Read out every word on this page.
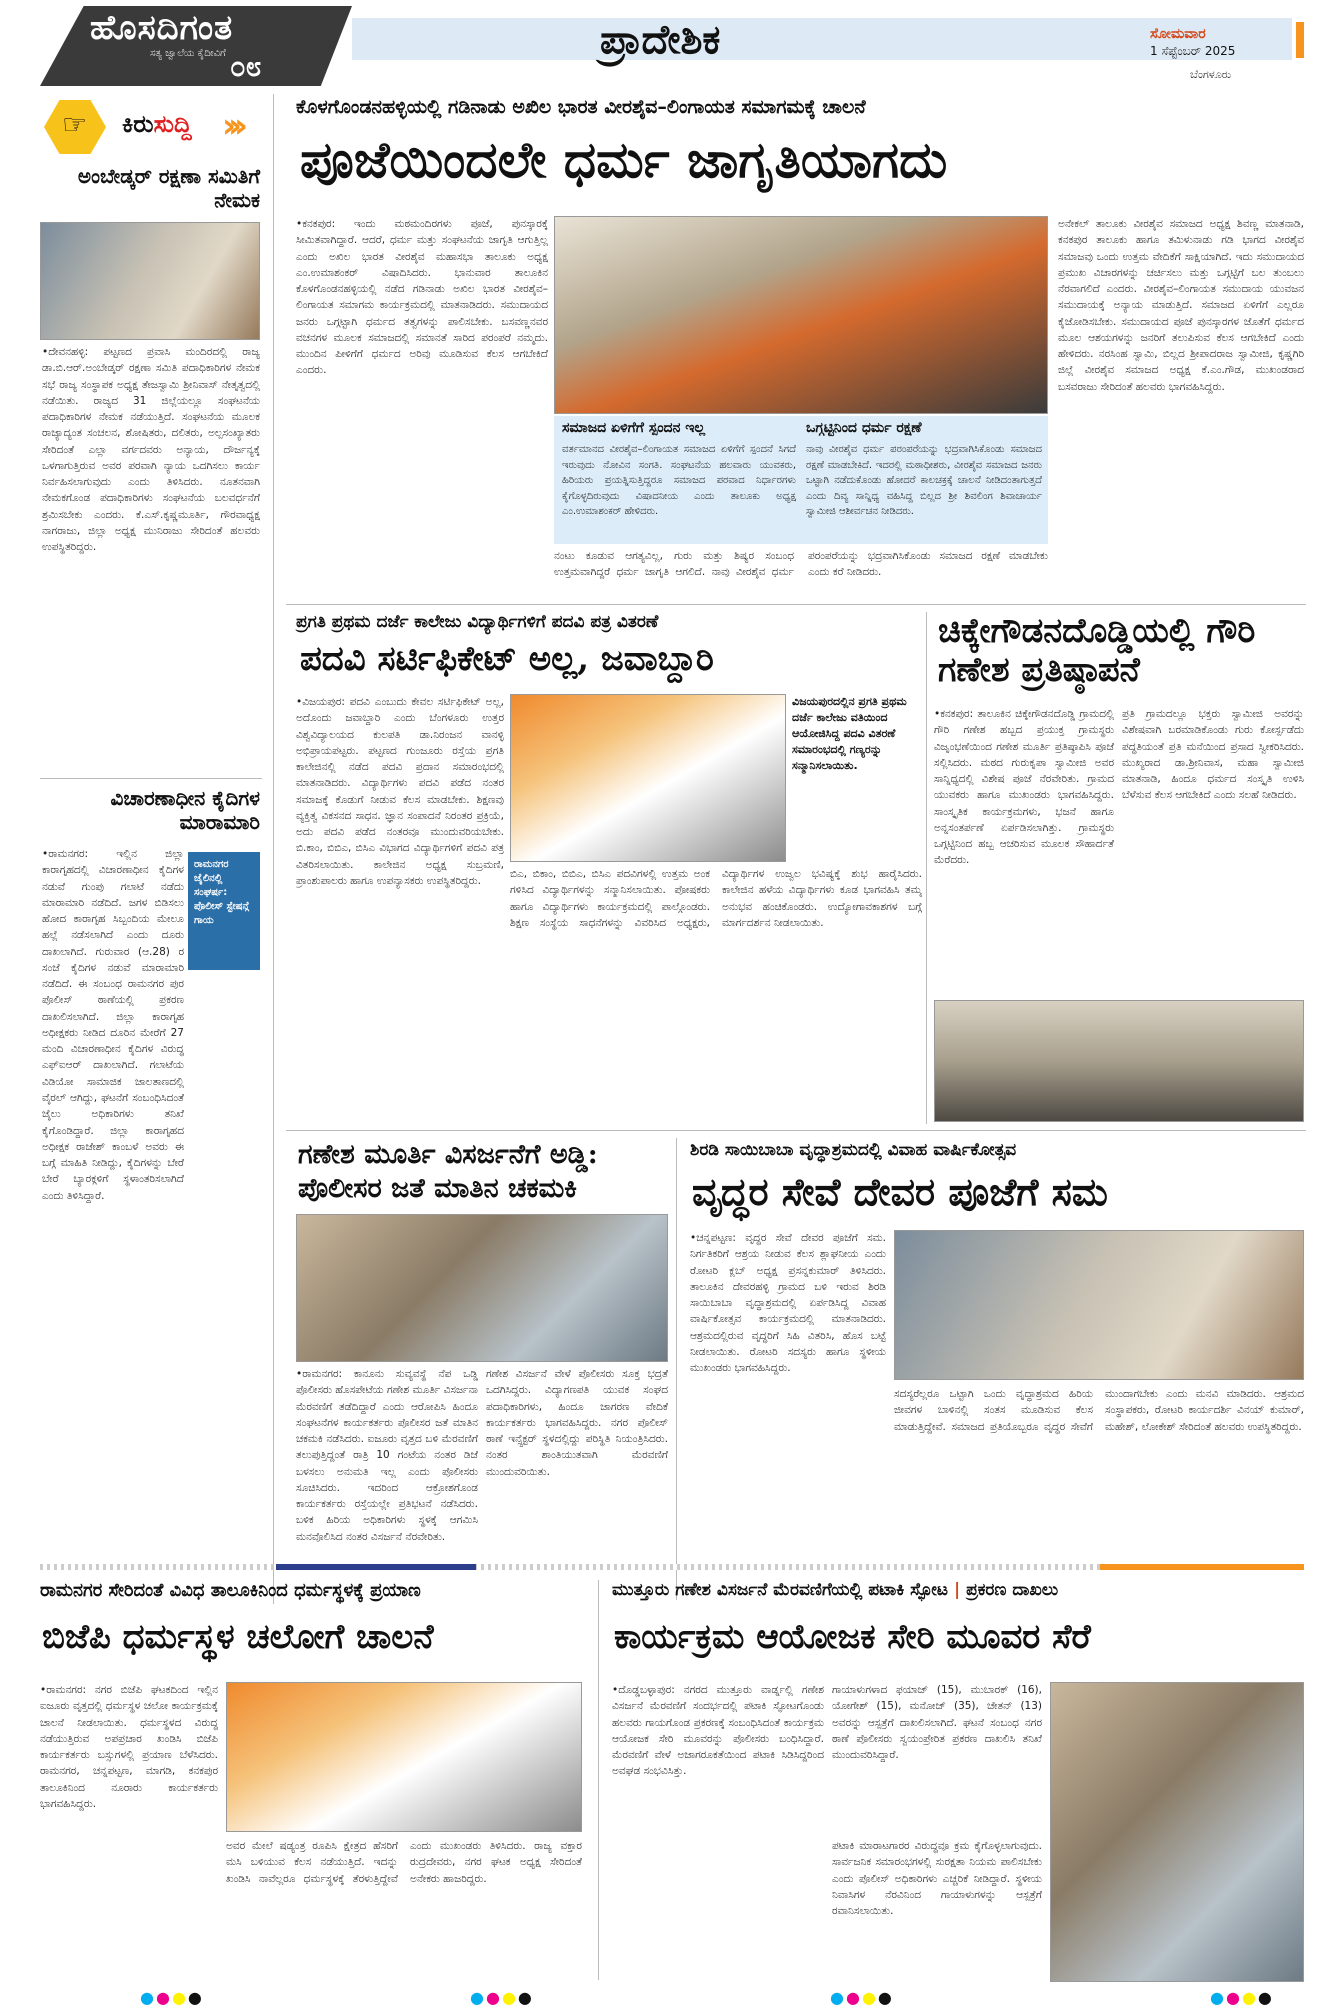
ಹೊಸದಿಗಂತ
ಸತ್ಯ ಜ್ವಾಲೆಯ ಕೈದೀವಿಗೆ ೦೮
ಪ್ರಾದೇಶಿಕ	ಸೋಮವಾರ
1 ಸೆಪ್ಟೆಂಬರ್ 2025
ಬೆಂಗಳೂರು
☞ ಕಿರುಸುದ್ದಿ ›››
ಅಂಬೇಡ್ಕರ್ ರಕ್ಷಣಾ ಸಮಿತಿಗೆ ನೇಮಕ
•ದೇವನಹಳ್ಳಿ: ಪಟ್ಟಣದ ಪ್ರವಾಸಿ ಮಂದಿರದಲ್ಲಿ ರಾಜ್ಯ ಡಾ.ಬಿ.ಆರ್.ಅಂಬೇಡ್ಕರ್ ರಕ್ಷಣಾ ಸಮಿತಿ ಪದಾಧಿಕಾರಿಗಳ ನೇಮಕ ಸಭೆ ರಾಜ್ಯ ಸಂಸ್ಥಾಪಕ ಅಧ್ಯಕ್ಷ ತೇಜಸ್ವಾಮಿ ಶ್ರೀನಿವಾಸ್ ನೇತೃತ್ವದಲ್ಲಿ ನಡೆಯಿತು. ರಾಜ್ಯದ 31 ಜಿಲ್ಲೆಯಲ್ಲೂ ಸಂಘಟನೆಯ ಪದಾಧಿಕಾರಿಗಳ ನೇಮಕ ನಡೆಯುತ್ತಿದೆ. ಸಂಘಟನೆಯ ಮೂಲಕ ರಾಜ್ಯಾದ್ಯಂತ ಸಂಚಲನ, ಶೋಷಿತರು, ದಲಿತರು, ಅಲ್ಪಸಂಖ್ಯಾತರು ಸೇರಿದಂತೆ ಎಲ್ಲಾ ವರ್ಗದವರು ಅನ್ಯಾಯ, ದೌರ್ಜನ್ಯಕ್ಕೆ ಒಳಗಾಗುತ್ತಿರುವ ಅವರ ಪರವಾಗಿ ನ್ಯಾಯ ಒದಗಿಸಲು ಕಾರ್ಯ ನಿರ್ವಹಿಸಲಾಗುವುದು ಎಂದು ತಿಳಿಸಿದರು. ನೂತನವಾಗಿ ನೇಮಕಗೊಂಡ ಪದಾಧಿಕಾರಿಗಳು ಸಂಘಟನೆಯ ಬಲವರ್ಧನೆಗೆ ಶ್ರಮಿಸಬೇಕು ಎಂದರು. ಕೆ.ಎಸ್.ಕೃಷ್ಣಮೂರ್ತಿ, ಗೌರವಾಧ್ಯಕ್ಷ ನಾಗರಾಜು, ಜಿಲ್ಲಾ ಅಧ್ಯಕ್ಷ ಮುನಿರಾಜು ಸೇರಿದಂತೆ ಹಲವರು ಉಪಸ್ಥಿತರಿದ್ದರು.
ವಿಚಾರಣಾಧೀನ ಕೈದಿಗಳ ಮಾರಾಮಾರಿ
ರಾಮನಗರ ಜೈಲಿನಲ್ಲಿ ಸಂಘರ್ಷ: ಪೊಲೀಸ್ ಸ್ಟೇಷನ್ಗೆ ಗಾಯ
•ರಾಮನಗರ: ಇಲ್ಲಿನ ಜಿಲ್ಲಾ ಕಾರಾಗೃಹದಲ್ಲಿ ವಿಚಾರಣಾಧೀನ ಕೈದಿಗಳ ನಡುವೆ ಗುಂಪು ಗಲಾಟೆ ನಡೆದು ಮಾರಾಮಾರಿ ನಡೆದಿದೆ. ಜಗಳ ಬಿಡಿಸಲು ಹೋದ ಕಾರಾಗೃಹ ಸಿಬ್ಬಂದಿಯ ಮೇಲೂ ಹಲ್ಲೆ ನಡೆಸಲಾಗಿದೆ ಎಂದು ದೂರು ದಾಖಲಾಗಿದೆ. ಗುರುವಾರ (ಆ.28) ರ ಸಂಜೆ ಕೈದಿಗಳ ನಡುವೆ ಮಾರಾಮಾರಿ ನಡೆದಿದೆ. ಈ ಸಂಬಂಧ ರಾಮನಗರ ಪುರ ಪೊಲೀಸ್ ಠಾಣೆಯಲ್ಲಿ ಪ್ರಕರಣ ದಾಖಲಿಸಲಾಗಿದೆ. ಜಿಲ್ಲಾ ಕಾರಾಗೃಹ ಅಧೀಕ್ಷಕರು ನೀಡಿದ ದೂರಿನ ಮೇರೆಗೆ 27 ಮಂದಿ ವಿಚಾರಣಾಧೀನ ಕೈದಿಗಳ ವಿರುದ್ಧ ಎಫ್ಐಆರ್ ದಾಖಲಾಗಿದೆ. ಗಲಾಟೆಯ ವಿಡಿಯೋ ಸಾಮಾಜಿಕ ಜಾಲತಾಣದಲ್ಲಿ ವೈರಲ್ ಆಗಿದ್ದು, ಘಟನೆಗೆ ಸಂಬಂಧಿಸಿದಂತೆ ಜೈಲು ಅಧಿಕಾರಿಗಳು ತನಿಖೆ ಕೈಗೊಂಡಿದ್ದಾರೆ. ಜಿಲ್ಲಾ ಕಾರಾಗೃಹದ ಅಧೀಕ್ಷಕ ರಾಜೇಶ್ ಕಾಂಬಳೆ ಅವರು ಈ ಬಗ್ಗೆ ಮಾಹಿತಿ ನೀಡಿದ್ದು, ಕೈದಿಗಳನ್ನು ಬೇರೆ ಬೇರೆ ಬ್ಯಾರಕ್ಗಳಿಗೆ ಸ್ಥಳಾಂತರಿಸಲಾಗಿದೆ ಎಂದು ತಿಳಿಸಿದ್ದಾರೆ.
ಕೊಳಗೊಂಡನಹಳ್ಳಿಯಲ್ಲಿ ಗಡಿನಾಡು ಅಖಿಲ ಭಾರತ ವೀರಶೈವ–ಲಿಂಗಾಯತ ಸಮಾಗಮಕ್ಕೆ ಚಾಲನೆ
ಪೂಜೆಯಿಂದಲೇ ಧರ್ಮ ಜಾಗೃತಿಯಾಗದು
•ಕನಕಪುರ: ಇಂದು ಮಠಮಂದಿರಗಳು ಪೂಜೆ, ಪುನಸ್ಕಾರಕ್ಕೆ ಸೀಮಿತವಾಗಿದ್ದಾರೆ. ಆದರೆ, ಧರ್ಮ ಮತ್ತು ಸಂಘಟನೆಯ ಜಾಗೃತಿ ಆಗುತ್ತಿಲ್ಲ ಎಂದು ಅಖಿಲ ಭಾರತ ವೀರಶೈವ ಮಹಾಸಭಾ ತಾಲೂಕು ಅಧ್ಯಕ್ಷ ಎಂ.ಉಮಾಶಂಕರ್ ವಿಷಾದಿಸಿದರು. ಭಾನುವಾರ ತಾಲೂಕಿನ ಕೊಳಗೊಂಡನಹಳ್ಳಿಯಲ್ಲಿ ನಡೆದ ಗಡಿನಾಡು ಅಖಿಲ ಭಾರತ ವೀರಶೈವ–ಲಿಂಗಾಯತ ಸಮಾಗಮ ಕಾರ್ಯಕ್ರಮದಲ್ಲಿ ಮಾತನಾಡಿದರು. ಸಮುದಾಯದ ಜನರು ಒಗ್ಗಟ್ಟಾಗಿ ಧರ್ಮದ ತತ್ವಗಳನ್ನು ಪಾಲಿಸಬೇಕು. ಬಸವಣ್ಣನವರ ವಚನಗಳ ಮೂಲಕ ಸಮಾಜದಲ್ಲಿ ಸಮಾನತೆ ಸಾರಿದ ಪರಂಪರೆ ನಮ್ಮದು. ಮುಂದಿನ ಪೀಳಿಗೆಗೆ ಧರ್ಮದ ಅರಿವು ಮೂಡಿಸುವ ಕೆಲಸ ಆಗಬೇಕಿದೆ ಎಂದರು.
ಸಮಾಜದ ಏಳಿಗೆಗೆ ಸ್ಪಂದನ ಇಲ್ಲ
ವರ್ತಮಾನದ ವೀರಶೈವ–ಲಿಂಗಾಯತ ಸಮಾಜದ ಏಳಿಗೆಗೆ ಸ್ಪಂದನೆ ಸಿಗದೆ ಇರುವುದು ನೋವಿನ ಸಂಗತಿ. ಸಂಘಟನೆಯ ಹಲವಾರು ಯುವಕರು, ಹಿರಿಯರು ಪ್ರಯತ್ನಿಸುತ್ತಿದ್ದರೂ ಸಮಾಜದ ಪರವಾದ ನಿರ್ಧಾರಗಳು ಕೈಗೊಳ್ಳದಿರುವುದು ವಿಷಾದನೀಯ ಎಂದು ತಾಲೂಕು ಅಧ್ಯಕ್ಷ ಎಂ.ಉಮಾಶಂಕರ್ ಹೇಳಿದರು.
ಒಗ್ಗಟ್ಟಿನಿಂದ ಧರ್ಮ ರಕ್ಷಣೆ
ನಾವು ವೀರಶೈವ ಧರ್ಮ ಪರಂಪರೆಯನ್ನು ಭದ್ರವಾಗಿಸಿಕೊಂಡು ಸಮಾಜದ ರಕ್ಷಣೆ ಮಾಡಬೇಕಿದೆ. ಇದರಲ್ಲಿ ಮಠಾಧೀಶರು, ವೀರಶೈವ ಸಮಾಜದ ಜನರು ಒಟ್ಟಾಗಿ ನಡೆದುಕೊಂಡು ಹೋದರೆ ಕಾಲಚಕ್ರಕ್ಕೆ ಚಾಲನೆ ನೀಡಿದಂತಾಗುತ್ತದೆ ಎಂದು ದಿವ್ಯ ಸಾನ್ನಿಧ್ಯ ವಹಿಸಿದ್ದ ಬಿಲ್ಲದ ಶ್ರೀ ಶಿವಲಿಂಗ ಶಿವಾಚಾರ್ಯ ಸ್ವಾಮೀಜಿ ಆಶೀರ್ವಚನ ನೀಡಿದರು.
ನಂಟು ಕೂಡುವ ಆಗತ್ಯವಿಲ್ಲ, ಗುರು ಮತ್ತು ಶಿಷ್ಯರ ಸಂಬಂಧ ಉತ್ತಮವಾಗಿದ್ದರೆ ಧರ್ಮ ಜಾಗೃತಿ ಆಗಲಿದೆ. ನಾವು ವೀರಶೈವ ಧರ್ಮ ಪರಂಪರೆಯನ್ನು ಭದ್ರವಾಗಿಸಿಕೊಂಡು ಸಮಾಜದ ರಕ್ಷಣೆ ಮಾಡಬೇಕು ಎಂದು ಕರೆ ನೀಡಿದರು.
ಅನೇಕಲ್ ತಾಲೂಕು ವೀರಶೈವ ಸಮಾಜದ ಅಧ್ಯಕ್ಷ ಶಿವಣ್ಣ ಮಾತನಾಡಿ, ಕನಕಪುರ ತಾಲೂಕು ಹಾಗೂ ತಮಿಳುನಾಡು ಗಡಿ ಭಾಗದ ವೀರಶೈವ ಸಮಾಜವು ಒಂದು ಉತ್ತಮ ವೇದಿಕೆಗೆ ಸಾಕ್ಷಿಯಾಗಿದೆ. ಇದು ಸಮುದಾಯದ ಪ್ರಮುಖ ವಿಚಾರಗಳನ್ನು ಚರ್ಚಿಸಲು ಮತ್ತು ಒಗ್ಗಟ್ಟಿಗೆ ಬಲ ತುಂಬಲು ನೆರವಾಗಲಿದೆ ಎಂದರು. ವೀರಶೈವ–ಲಿಂಗಾಯತ ಸಮುದಾಯ ಯುವಜನ ಸಮುದಾಯಕ್ಕೆ ಅನ್ಯಾಯ ಮಾಡುತ್ತಿದೆ. ಸಮಾಜದ ಏಳಿಗೆಗೆ ಎಲ್ಲರೂ ಕೈಜೋಡಿಸಬೇಕು. ಸಮುದಾಯದ ಪೂಜೆ ಪುನಸ್ಕಾರಗಳ ಜೊತೆಗೆ ಧರ್ಮದ ಮೂಲ ಆಶಯಗಳನ್ನು ಜನರಿಗೆ ತಲುಪಿಸುವ ಕೆಲಸ ಆಗಬೇಕಿದೆ ಎಂದು ಹೇಳಿದರು. ನರಸಿಂಹ ಸ್ವಾಮಿ, ಬಿಲ್ಲದ ಶ್ರೀಪಾದರಾಜ ಸ್ವಾಮೀಜಿ, ಕೃಷ್ಣಗಿರಿ ಜಿಲ್ಲೆ ವೀರಶೈವ ಸಮಾಜದ ಅಧ್ಯಕ್ಷ ಕೆ.ಎಂ.ಗೌಡ, ಮುಖಂಡರಾದ ಬಸವರಾಜು ಸೇರಿದಂತೆ ಹಲವರು ಭಾಗವಹಿಸಿದ್ದರು.
ಪ್ರಗತಿ ಪ್ರಥಮ ದರ್ಜೆ ಕಾಲೇಜು ವಿದ್ಯಾರ್ಥಿಗಳಿಗೆ ಪದವಿ ಪತ್ರ ವಿತರಣೆ
ಪದವಿ ಸರ್ಟಿಫಿಕೇಟ್ ಅಲ್ಲ, ಜವಾಬ್ದಾರಿ
•ವಿಜಯಪುರ: ಪದವಿ ಎಂಬುದು ಕೇವಲ ಸರ್ಟಿಫಿಕೇಟ್ ಅಲ್ಲ, ಅದೊಂದು ಜವಾಬ್ದಾರಿ ಎಂದು ಬೆಂಗಳೂರು ಉತ್ತರ ವಿಶ್ವವಿದ್ಯಾಲಯದ ಕುಲಪತಿ ಡಾ.ನಿರಂಜನ ವಾನಳ್ಳಿ ಅಭಿಪ್ರಾಯಪಟ್ಟರು. ಪಟ್ಟಣದ ಗುಂಜೂರು ರಸ್ತೆಯ ಪ್ರಗತಿ ಕಾಲೇಜಿನಲ್ಲಿ ನಡೆದ ಪದವಿ ಪ್ರದಾನ ಸಮಾರಂಭದಲ್ಲಿ ಮಾತನಾಡಿದರು. ವಿದ್ಯಾರ್ಥಿಗಳು ಪದವಿ ಪಡೆದ ನಂತರ ಸಮಾಜಕ್ಕೆ ಕೊಡುಗೆ ನೀಡುವ ಕೆಲಸ ಮಾಡಬೇಕು. ಶಿಕ್ಷಣವು ವ್ಯಕ್ತಿತ್ವ ವಿಕಸನದ ಸಾಧನ. ಜ್ಞಾನ ಸಂಪಾದನೆ ನಿರಂತರ ಪ್ರಕ್ರಿಯೆ, ಅದು ಪದವಿ ಪಡೆದ ನಂತರವೂ ಮುಂದುವರಿಯಬೇಕು. ಬಿ.ಕಾಂ, ಬಿಬಿಎ, ಬಿಸಿಎ ವಿಭಾಗದ ವಿದ್ಯಾರ್ಥಿಗಳಿಗೆ ಪದವಿ ಪತ್ರ ವಿತರಿಸಲಾಯಿತು. ಕಾಲೇಜಿನ ಅಧ್ಯಕ್ಷ ಸುಬ್ರಮಣಿ, ಪ್ರಾಂಶುಪಾಲರು ಹಾಗೂ ಉಪನ್ಯಾಸಕರು ಉಪಸ್ಥಿತರಿದ್ದರು.
ವಿಜಯಪುರದಲ್ಲಿನ ಪ್ರಗತಿ ಪ್ರಥಮ ದರ್ಜೆ ಕಾಲೇಜು ವತಿಯಿಂದ ಆಯೋಜಿಸಿದ್ದ ಪದವಿ ವಿತರಣೆ ಸಮಾರಂಭದಲ್ಲಿ ಗಣ್ಯರನ್ನು ಸನ್ಮಾನಿಸಲಾಯಿತು.
ಬಿಎ, ಬಿಕಾಂ, ಬಿಬಿಎ, ಬಿಸಿಎ ಪದವಿಗಳಲ್ಲಿ ಉತ್ತಮ ಅಂಕ ಗಳಿಸಿದ ವಿದ್ಯಾರ್ಥಿಗಳನ್ನು ಸನ್ಮಾನಿಸಲಾಯಿತು. ಪೋಷಕರು ಹಾಗೂ ವಿದ್ಯಾರ್ಥಿಗಳು ಕಾರ್ಯಕ್ರಮದಲ್ಲಿ ಪಾಲ್ಗೊಂಡರು. ಶಿಕ್ಷಣ ಸಂಸ್ಥೆಯ ಸಾಧನೆಗಳನ್ನು ವಿವರಿಸಿದ ಅಧ್ಯಕ್ಷರು, ವಿದ್ಯಾರ್ಥಿಗಳ ಉಜ್ವಲ ಭವಿಷ್ಯಕ್ಕೆ ಶುಭ ಹಾರೈಸಿದರು. ಕಾಲೇಜಿನ ಹಳೆಯ ವಿದ್ಯಾರ್ಥಿಗಳು ಕೂಡ ಭಾಗವಹಿಸಿ ತಮ್ಮ ಅನುಭವ ಹಂಚಿಕೊಂಡರು. ಉದ್ಯೋಗಾವಕಾಶಗಳ ಬಗ್ಗೆ ಮಾರ್ಗದರ್ಶನ ನೀಡಲಾಯಿತು.
ಚಿಕ್ಕೇಗೌಡನದೊಡ್ಡಿಯಲ್ಲಿ ಗೌರಿ ಗಣೇಶ ಪ್ರತಿಷ್ಠಾಪನೆ
•ಕನಕಪುರ: ತಾಲೂಕಿನ ಚಿಕ್ಕೇಗೌಡನದೊಡ್ಡಿ ಗ್ರಾಮದಲ್ಲಿ ಗೌರಿ ಗಣೇಶ ಹಬ್ಬದ ಪ್ರಯುಕ್ತ ಗ್ರಾಮಸ್ಥರು ವಿಜೃಂಭಣೆಯಿಂದ ಗಣೇಶ ಮೂರ್ತಿ ಪ್ರತಿಷ್ಠಾಪಿಸಿ ಪೂಜೆ ಸಲ್ಲಿಸಿದರು. ಮಠದ ಗುರುಕೃಪಾ ಸ್ವಾಮೀಜಿ ಅವರ ಸಾನ್ನಿಧ್ಯದಲ್ಲಿ ವಿಶೇಷ ಪೂಜೆ ನೆರವೇರಿತು. ಗ್ರಾಮದ ಯುವಕರು ಹಾಗೂ ಮುಖಂಡರು ಭಾಗವಹಿಸಿದ್ದರು. ಸಾಂಸ್ಕೃತಿಕ ಕಾರ್ಯಕ್ರಮಗಳು, ಭಜನೆ ಹಾಗೂ ಅನ್ನಸಂತರ್ಪಣೆ ಏರ್ಪಡಿಸಲಾಗಿತ್ತು. ಗ್ರಾಮಸ್ಥರು ಒಗ್ಗಟ್ಟಿನಿಂದ ಹಬ್ಬ ಆಚರಿಸುವ ಮೂಲಕ ಸೌಹಾರ್ದತೆ ಮೆರೆದರು.
ಪ್ರತಿ ಗ್ರಾಮದಲ್ಲೂ ಭಕ್ತರು ಸ್ವಾಮೀಜಿ ಅವರನ್ನು ವಿಶೇಷವಾಗಿ ಬರಮಾಡಿಕೊಂಡು ಗುರು ಕೋರ್ಸ್ಪಡೆದು ಪದ್ಧತಿಯಂತೆ ಪ್ರತಿ ಮನೆಯಿಂದ ಪ್ರಸಾದ ಸ್ವೀಕರಿಸಿದರು. ಮುಖ್ಯರಾದ ಡಾ.ಶ್ರೀನಿವಾಸ, ಮಹಾ ಸ್ವಾಮೀಜಿ ಮಾತನಾಡಿ, ಹಿಂದೂ ಧರ್ಮದ ಸಂಸ್ಕೃತಿ ಉಳಿಸಿ ಬೆಳೆಸುವ ಕೆಲಸ ಆಗಬೇಕಿದೆ ಎಂದು ಸಲಹೆ ನೀಡಿದರು.
ಗಣೇಶ ಮೂರ್ತಿ ವಿಸರ್ಜನೆಗೆ ಅಡ್ಡಿ: ಪೊಲೀಸರ ಜತೆ ಮಾತಿನ ಚಕಮಕಿ
•ರಾಮನಗರ: ಕಾನೂನು ಸುವ್ಯವಸ್ಥೆ ನೆಪ ಒಡ್ಡಿ ಪೊಲೀಸರು ಹೊಸಪೇಟೆಯ ಗಣೇಶ ಮೂರ್ತಿ ವಿಸರ್ಜನಾ ಮೆರವಣಿಗೆ ತಡೆದಿದ್ದಾರೆ ಎಂದು ಆರೋಪಿಸಿ ಹಿಂದೂ ಸಂಘಟನೆಗಳ ಕಾರ್ಯಕರ್ತರು ಪೊಲೀಸರ ಜತೆ ಮಾತಿನ ಚಕಮಕಿ ನಡೆಸಿದರು. ಐಜೂರು ವೃತ್ತದ ಬಳಿ ಮೆರವಣಿಗೆ ತಲುಪುತ್ತಿದ್ದಂತೆ ರಾತ್ರಿ 10 ಗಂಟೆಯ ನಂತರ ಡಿಜೆ ಬಳಸಲು ಅನುಮತಿ ಇಲ್ಲ ಎಂದು ಪೊಲೀಸರು ಸೂಚಿಸಿದರು. ಇದರಿಂದ ಆಕ್ರೋಶಗೊಂಡ ಕಾರ್ಯಕರ್ತರು ರಸ್ತೆಯಲ್ಲೇ ಪ್ರತಿಭಟನೆ ನಡೆಸಿದರು. ಬಳಿಕ ಹಿರಿಯ ಅಧಿಕಾರಿಗಳು ಸ್ಥಳಕ್ಕೆ ಆಗಮಿಸಿ ಮನವೊಲಿಸಿದ ನಂತರ ವಿಸರ್ಜನೆ ನೆರವೇರಿತು.
ಗಣೇಶ ವಿಸರ್ಜನೆ ವೇಳೆ ಪೊಲೀಸರು ಸೂಕ್ತ ಭದ್ರತೆ ಒದಗಿಸಿದ್ದರು. ವಿದ್ಯಾಗಣಪತಿ ಯುವಕ ಸಂಘದ ಪದಾಧಿಕಾರಿಗಳು, ಹಿಂದೂ ಜಾಗರಣ ವೇದಿಕೆ ಕಾರ್ಯಕರ್ತರು ಭಾಗವಹಿಸಿದ್ದರು. ನಗರ ಪೊಲೀಸ್ ಠಾಣೆ ಇನ್ಸ್ಪೆಕ್ಟರ್ ಸ್ಥಳದಲ್ಲಿದ್ದು ಪರಿಸ್ಥಿತಿ ನಿಯಂತ್ರಿಸಿದರು. ನಂತರ ಶಾಂತಿಯುತವಾಗಿ ಮೆರವಣಿಗೆ ಮುಂದುವರಿಯಿತು.
ಶಿರಡಿ ಸಾಯಿಬಾಬಾ ವೃದ್ಧಾಶ್ರಮದಲ್ಲಿ ವಿವಾಹ ವಾರ್ಷಿಕೋತ್ಸವ
ವೃದ್ಧರ ಸೇವೆ ದೇವರ ಪೂಜೆಗೆ ಸಮ
•ಚನ್ನಪಟ್ಟಣ: ವೃದ್ಧರ ಸೇವೆ ದೇವರ ಪೂಜೆಗೆ ಸಮ. ನಿರ್ಗತಿಕರಿಗೆ ಆಶ್ರಯ ನೀಡುವ ಕೆಲಸ ಶ್ಲಾಘನೀಯ ಎಂದು ರೋಟರಿ ಕ್ಲಬ್ ಅಧ್ಯಕ್ಷ ಪ್ರಸನ್ನಕುಮಾರ್ ತಿಳಿಸಿದರು. ತಾಲೂಕಿನ ದೇವರಹಳ್ಳಿ ಗ್ರಾಮದ ಬಳಿ ಇರುವ ಶಿರಡಿ ಸಾಯಿಬಾಬಾ ವೃದ್ಧಾಶ್ರಮದಲ್ಲಿ ಏರ್ಪಡಿಸಿದ್ದ ವಿವಾಹ ವಾರ್ಷಿಕೋತ್ಸವ ಕಾರ್ಯಕ್ರಮದಲ್ಲಿ ಮಾತನಾಡಿದರು. ಆಶ್ರಮದಲ್ಲಿರುವ ವೃದ್ಧರಿಗೆ ಸಿಹಿ ವಿತರಿಸಿ, ಹೊಸ ಬಟ್ಟೆ ನೀಡಲಾಯಿತು. ರೋಟರಿ ಸದಸ್ಯರು ಹಾಗೂ ಸ್ಥಳೀಯ ಮುಖಂಡರು ಭಾಗವಹಿಸಿದ್ದರು.
ಸದಸ್ಯರೆಲ್ಲರೂ ಒಟ್ಟಾಗಿ ಒಂದು ವೃದ್ಧಾಶ್ರಮದ ಹಿರಿಯ ಜೀವಗಳ ಬಾಳಿನಲ್ಲಿ ಸಂತಸ ಮೂಡಿಸುವ ಕೆಲಸ ಮಾಡುತ್ತಿದ್ದೇವೆ. ಸಮಾಜದ ಪ್ರತಿಯೊಬ್ಬರೂ ವೃದ್ಧರ ಸೇವೆಗೆ ಮುಂದಾಗಬೇಕು ಎಂದು ಮನವಿ ಮಾಡಿದರು. ಆಶ್ರಮದ ಸಂಸ್ಥಾಪಕರು, ರೋಟರಿ ಕಾರ್ಯದರ್ಶಿ ವಿನಯ್ ಕುಮಾರ್, ಮಹೇಶ್, ಲೋಕೇಶ್ ಸೇರಿದಂತೆ ಹಲವರು ಉಪಸ್ಥಿತರಿದ್ದರು.
ರಾಮನಗರ ಸೇರಿದಂತೆ ವಿವಿಧ ತಾಲೂಕಿನಿಂದ ಧರ್ಮಸ್ಥಳಕ್ಕೆ ಪ್ರಯಾಣ
ಬಿಜೆಪಿ ಧರ್ಮಸ್ಥಳ ಚಲೋಗೆ ಚಾಲನೆ
•ರಾಮನಗರ: ನಗರ ಬಿಜೆಪಿ ಘಟಕದಿಂದ ಇಲ್ಲಿನ ಐಜೂರು ವೃತ್ತದಲ್ಲಿ ಧರ್ಮಸ್ಥಳ ಚಲೋ ಕಾರ್ಯಕ್ರಮಕ್ಕೆ ಚಾಲನೆ ನೀಡಲಾಯಿತು. ಧರ್ಮಸ್ಥಳದ ವಿರುದ್ಧ ನಡೆಯುತ್ತಿರುವ ಅಪಪ್ರಚಾರ ಖಂಡಿಸಿ ಬಿಜೆಪಿ ಕಾರ್ಯಕರ್ತರು ಬಸ್ಸುಗಳಲ್ಲಿ ಪ್ರಯಾಣ ಬೆಳೆಸಿದರು. ರಾಮನಗರ, ಚನ್ನಪಟ್ಟಣ, ಮಾಗಡಿ, ಕನಕಪುರ ತಾಲೂಕಿನಿಂದ ನೂರಾರು ಕಾರ್ಯಕರ್ತರು ಭಾಗವಹಿಸಿದ್ದರು.
ಅವರ ಮೇಲೆ ಷಡ್ಯಂತ್ರ ರೂಪಿಸಿ ಕ್ಷೇತ್ರದ ಹೆಸರಿಗೆ ಮಸಿ ಬಳಿಯುವ ಕೆಲಸ ನಡೆಯುತ್ತಿದೆ. ಇದನ್ನು ಖಂಡಿಸಿ ನಾವೆಲ್ಲರೂ ಧರ್ಮಸ್ಥಳಕ್ಕೆ ತೆರಳುತ್ತಿದ್ದೇವೆ ಎಂದು ಮುಖಂಡರು ತಿಳಿಸಿದರು. ರಾಜ್ಯ ವಕ್ತಾರ ರುದ್ರದೇವರು, ನಗರ ಘಟಕ ಅಧ್ಯಕ್ಷ ಸೇರಿದಂತೆ ಅನೇಕರು ಹಾಜರಿದ್ದರು.
ಮುತ್ತೂರು ಗಣೇಶ ವಿಸರ್ಜನೆ ಮೆರವಣಿಗೆಯಲ್ಲಿ ಪಟಾಕಿ ಸ್ಫೋಟ | ಪ್ರಕರಣ ದಾಖಲು
ಕಾರ್ಯಕ್ರಮ ಆಯೋಜಕ ಸೇರಿ ಮೂವರ ಸೆರೆ
•ದೊಡ್ಡಬಳ್ಳಾಪುರ: ನಗರದ ಮುತ್ತೂರು ವಾರ್ಡ್ನಲ್ಲಿ ಗಣೇಶ ವಿಸರ್ಜನೆ ಮೆರವಣಿಗೆ ಸಂದರ್ಭದಲ್ಲಿ ಪಟಾಕಿ ಸ್ಫೋಟಗೊಂಡು ಹಲವರು ಗಾಯಗೊಂಡ ಪ್ರಕರಣಕ್ಕೆ ಸಂಬಂಧಿಸಿದಂತೆ ಕಾರ್ಯಕ್ರಮ ಆಯೋಜಕ ಸೇರಿ ಮೂವರನ್ನು ಪೊಲೀಸರು ಬಂಧಿಸಿದ್ದಾರೆ. ಮೆರವಣಿಗೆ ವೇಳೆ ಅಜಾಗರೂಕತೆಯಿಂದ ಪಟಾಕಿ ಸಿಡಿಸಿದ್ದರಿಂದ ಅವಘಡ ಸಂಭವಿಸಿತ್ತು.
ಗಾಯಾಳುಗಳಾದ ಫಯಾಜ್ (15), ಮುಬಾರಕ್ (16), ಯೋಗೇಶ್ (15), ಮನೋಜ್ (35), ಚೇತನ್ (13) ಅವರನ್ನು ಆಸ್ಪತ್ರೆಗೆ ದಾಖಲಿಸಲಾಗಿದೆ. ಘಟನೆ ಸಂಬಂಧ ನಗರ ಠಾಣೆ ಪೊಲೀಸರು ಸ್ವಯಂಪ್ರೇರಿತ ಪ್ರಕರಣ ದಾಖಲಿಸಿ ತನಿಖೆ ಮುಂದುವರಿಸಿದ್ದಾರೆ.
ಪಟಾಕಿ ಮಾರಾಟಗಾರರ ವಿರುದ್ಧವೂ ಕ್ರಮ ಕೈಗೊಳ್ಳಲಾಗುವುದು. ಸಾರ್ವಜನಿಕ ಸಮಾರಂಭಗಳಲ್ಲಿ ಸುರಕ್ಷತಾ ನಿಯಮ ಪಾಲಿಸಬೇಕು ಎಂದು ಪೊಲೀಸ್ ಅಧಿಕಾರಿಗಳು ಎಚ್ಚರಿಕೆ ನೀಡಿದ್ದಾರೆ. ಸ್ಥಳೀಯ ನಿವಾಸಿಗಳ ನೆರವಿನಿಂದ ಗಾಯಾಳುಗಳನ್ನು ಆಸ್ಪತ್ರೆಗೆ ರವಾನಿಸಲಾಯಿತು.
●●●●	●●●●	●●●●	●●●●
